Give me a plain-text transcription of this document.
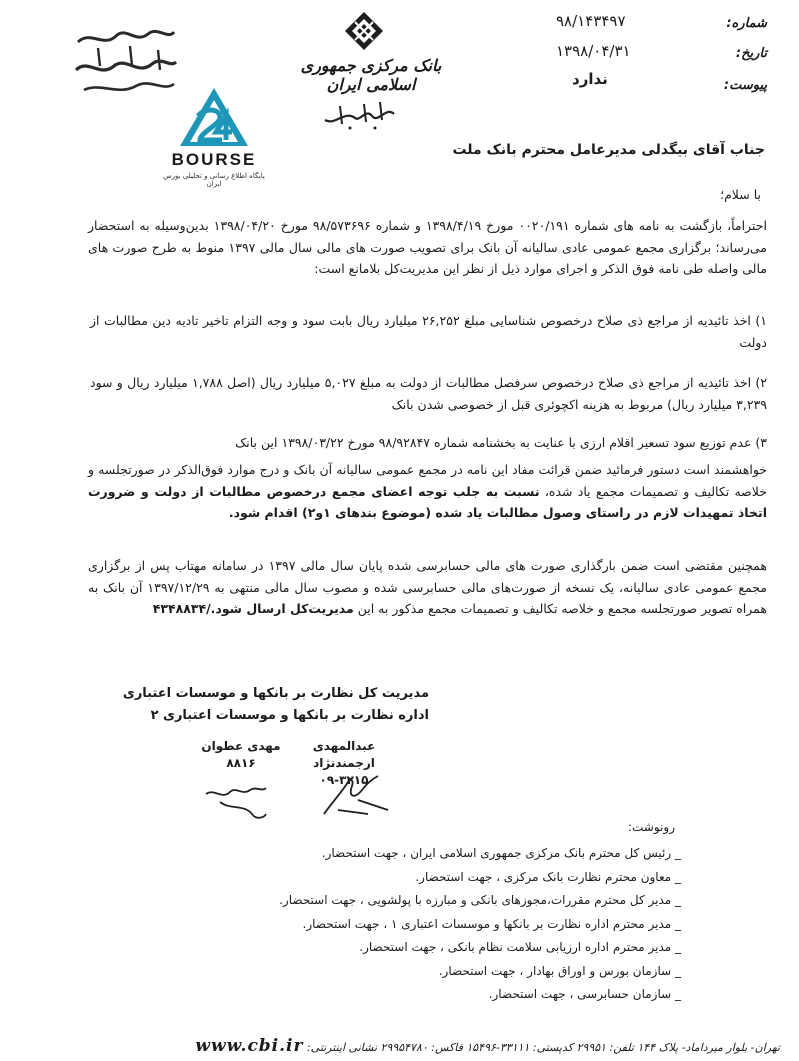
شماره:
۹۸/۱۴۳۴۹۷
تاریخ:
۱۳۹۸/۰۴/۳۱
پیوست:
ندارد
بانک مرکزی جمهوری اسلامی ایران
BOURSE
پایگاه اطلاع رسانی و تحلیلی بورس ایران
جناب آقای بیگدلی مدیرعامل محترم بانک ملت
با سلام؛
احتراماً، بازگشت به نامه های شماره ۰۰۲۰/۱۹۱ مورخ ۱۳۹۸/۴/۱۹ و شماره ۹۸/۵۷۳۶۹۶ مورخ ۱۳۹۸/۰۴/۲۰ بدین‌وسیله به استحضار می‌رساند؛ برگزاری مجمع عمومی عادی سالیانه آن بانک برای تصویب صورت های مالی سال مالی ۱۳۹۷ منوط به طرح صورت های مالی واصله طی نامه فوق الذکر و اجرای موارد ذیل از نظر این مدیریت‌کل بلامانع است:
۱) اخذ تائیدیه از مراجع ذی صلاح درخصوص شناسایی مبلغ ۲۶,۲۵۲ میلیارد ریال بابت سود و وجه التزام تاخیر تادیه دین مطالبات از دولت
۲) اخذ تائیدیه از مراجع ذی صلاح درخصوص سرفصل مطالبات از دولت به مبلغ ۵,۰۲۷ میلیارد ریال (اصل ۱,۷۸۸ میلیارد ریال و سود ۳,۲۳۹ میلیارد ریال) مربوط به هزینه اکچوئری قبل از خصوصی شدن بانک
۳) عدم توزیع سود تسعیر اقلام ارزی با عنایت به بخشنامه شماره ۹۸/۹۲۸۴۷ مورخ ۱۳۹۸/۰۳/۲۲ این بانک
خواهشمند است دستور فرمائید ضمن قرائت مفاد این نامه در مجمع عمومی سالیانه آن بانک و درج موارد فوق‌الذکر در صورتجلسه و خلاصه تکالیف و تصمیمات مجمع یاد شده، نسبت به جلب توجه اعضای مجمع درخصوص مطالبات از دولت و ضرورت اتخاذ تمهیدات لازم در راستای وصول مطالبات یاد شده (موضوع بندهای ۱و۲) اقدام شود.
همچنین مقتضی است ضمن بارگذاری صورت های مالی حسابرسی شده پایان سال مالی ۱۳۹۷ در سامانه مهتاب پس از برگزاری مجمع عمومی عادی سالیانه، یک نسخه از صورت‌های مالی حسابرسی شده و مصوب سال مالی منتهی به ۱۳۹۷/۱۲/۲۹ آن بانک به همراه تصویر صورتجلسه مجمع و خلاصه تکالیف و تصمیمات مجمع مذکور به این مدیریت‌کل ارسال شود./۴۳۴۸۸۳۴
مدیریت کل نظارت بر بانکها و موسسات اعتباری
اداره نظارت بر بانکها و موسسات اعتباری ۲
عبدالمهدی ارجمندنژاد
۰۹-۳۲۱۵
مهدی عطوان
۸۸۱۶
رونوشت:
_ رئیس کل محترم بانک مرکزی جمهوری اسلامی ایران ، جهت استحضار.
_ معاون محترم نظارت بانک مرکزی ، جهت استحضار.
_ مدیر کل محترم مقررات،مجوزهای بانکی و مبارزه با پولشویی ، جهت استحضار.
_ مدیر محترم اداره نظارت بر بانکها و موسسات اعتباری ۱ ، جهت استحضار.
_ مدیر محترم اداره ارزیابی سلامت نظام بانکی ، جهت استحضار.
_ سازمان بورس و اوراق بهادار ، جهت استحضار.
_ سازمان حسابرسی ، جهت استحضار.
تهران- بلوار میرداماد- پلاک ۱۴۴ تلفن: ۲۹۹۵۱ کدپستی: ۳۳۱۱۱-۱۵۴۹۶ فاکس: ۲۹۹۵۴۷۸۰ نشانی اینترنتی: www.cbi.ir
